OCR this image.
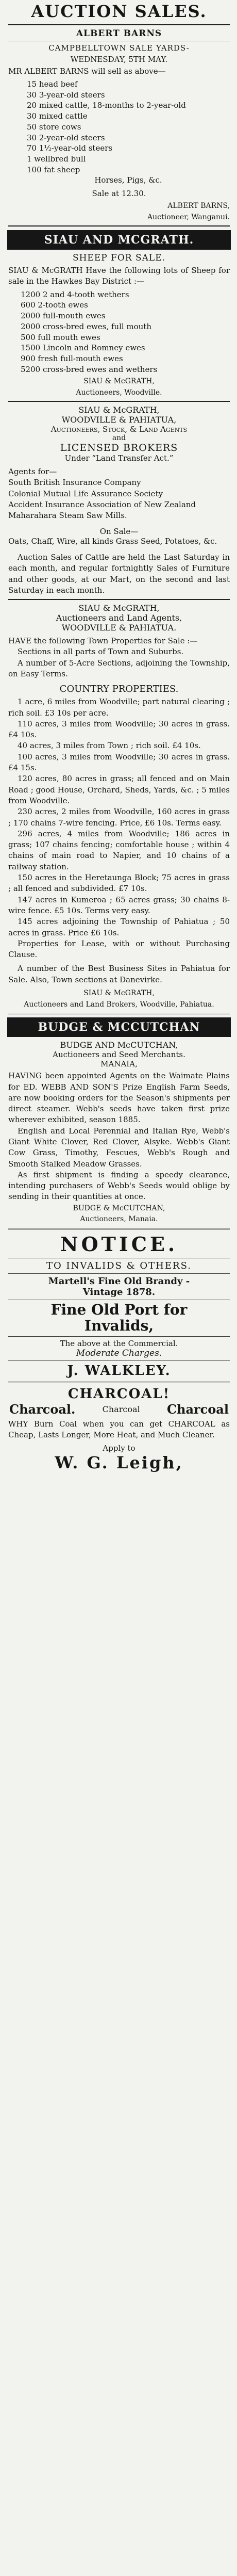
AUCTION SALES.
ALBERT BARNS
CAMPBELLTOWN SALE YARDS-
WEDNESDAY, 5TH MAY.

MR ALBERT BARNS will sell as above—

15 head beef
30 3-year-old steers
20 mixed cattle, 18-months to 2-year-old
30 mixed cattle
50 store cows
30 2-year-old steers
70 1½-year-old steers
1 wellbred bull
100 fat sheep
Horses, Pigs, &c.
Sale at 12.30.
ALBERT BARNS,
Auctioneer, Wanganui.
SIAU AND MCGRATH.
SHEEP FOR SALE.

SIAU & McGRATH Have the following lots of Sheep for sale in the Hawkes Bay District :—

1200 2 and 4-tooth wethers
600 2-tooth ewes
2000 full-mouth ewes
2000 cross-bred ewes, full mouth
500 full mouth ewes
1500 Lincoln and Romney ewes
900 fresh full-mouth ewes
5200 cross-bred ewes and wethers
SIAU & McGRATH,
Auctioneers, Woodville.
SIAU & McGRATH,
WOODVILLE & PAHIATUA,
Auctioneers, Stock, & Land Agents
and
LICENSED BROKERS
Under “Land Transfer Act.”
Agents for—
South British Insurance Company
Colonial Mutual Life Assurance Society
Accident Insurance Association of New Zealand
Maharahara Steam Saw Mills.
On Sale—

Oats, Chaff, Wire, all kinds Grass Seed, Potatoes, &c.

Auction Sales of Cattle are held the Last Saturday in each month, and regular fortnightly Sales of Furniture and other goods, at our Mart, on the second and last Saturday in each month.

SIAU & McGRATH,
Auctioneers and Land Agents,
WOODVILLE & PAHIATUA.

HAVE the following Town Properties for Sale :—

Sections in all parts of Town and Suburbs.

A number of 5-Acre Sections, adjoining the Township, on Easy Terms.

COUNTRY PROPERTIES.

1 acre, 6 miles from Woodville; part natural clearing ; rich soil. £3 10s per acre.

110 acres, 3 miles from Woodville; 30 acres in grass. £4 10s.

40 acres, 3 miles from Town ; rich soil. £4 10s.

100 acres, 3 miles from Woodville; 30 acres in grass. £4 15s.

120 acres, 80 acres in grass; all fenced and on Main Road ; good House, Orchard, Sheds, Yards, &c. ; 5 miles from Woodville.

230 acres, 2 miles from Woodville, 160 acres in grass ; 170 chains 7-wire fencing. Price, £6 10s. Terms easy.

296 acres, 4 miles from Woodville; 186 acres in grass; 107 chains fencing; comfortable house ; within 4 chains of main road to Napier, and 10 chains of a railway station.

150 acres in the Heretaunga Block; 75 acres in grass ; all fenced and subdivided. £7 10s.

147 acres in Kumeroa ; 65 acres grass; 30 chains 8-wire fence. £5 10s. Terms very easy.

145 acres adjoining the Township of Pahiatua ; 50 acres in grass. Price £6 10s.

Properties for Lease, with or without Purchasing Clause.

A number of the Best Business Sites in Pahiatua for Sale. Also, Town sections at Danevirke.

SIAU & McGRATH,
Auctioneers and Land Brokers, Woodville, Pahiatua.
BUDGE & MCCUTCHAN
BUDGE AND McCUTCHAN,
Auctioneers and Seed Merchants.
MANAIA,

HAVING been appointed Agents on the Waimate Plains for ED. WEBB AND SON'S Prize English Farm Seeds, are now booking orders for the Season's shipments per direct steamer. Webb's seeds have taken first prize wherever exhibited, season 1885.

English and Local Perennial and Italian Rye, Webb's Giant White Clover, Red Clover, Alsyke. Webb's Giant Cow Grass, Timothy, Fescues, Webb's Rough and Smooth Stalked Meadow Grasses.

As first shipment is finding a speedy clearance, intending purchasers of Webb's Seeds would oblige by sending in their quantities at once.

BUDGE & McCUTCHAN,
Auctioneers, Manaia.
NOTICE.
TO INVALIDS & OTHERS.
Martell's Fine Old Brandy -
Vintage 1878.
Fine Old Port for
Invalids,
The above at the Commercial.
Moderate Charges.
J. WALKLEY.
CHARCOAL!
Charcoal.	Charcoal Charcoal

WHY Burn Coal when you can get CHARCOAL as Cheap, Lasts Longer, More Heat, and Much Cleaner.

Apply to
W. G. Leigh,
